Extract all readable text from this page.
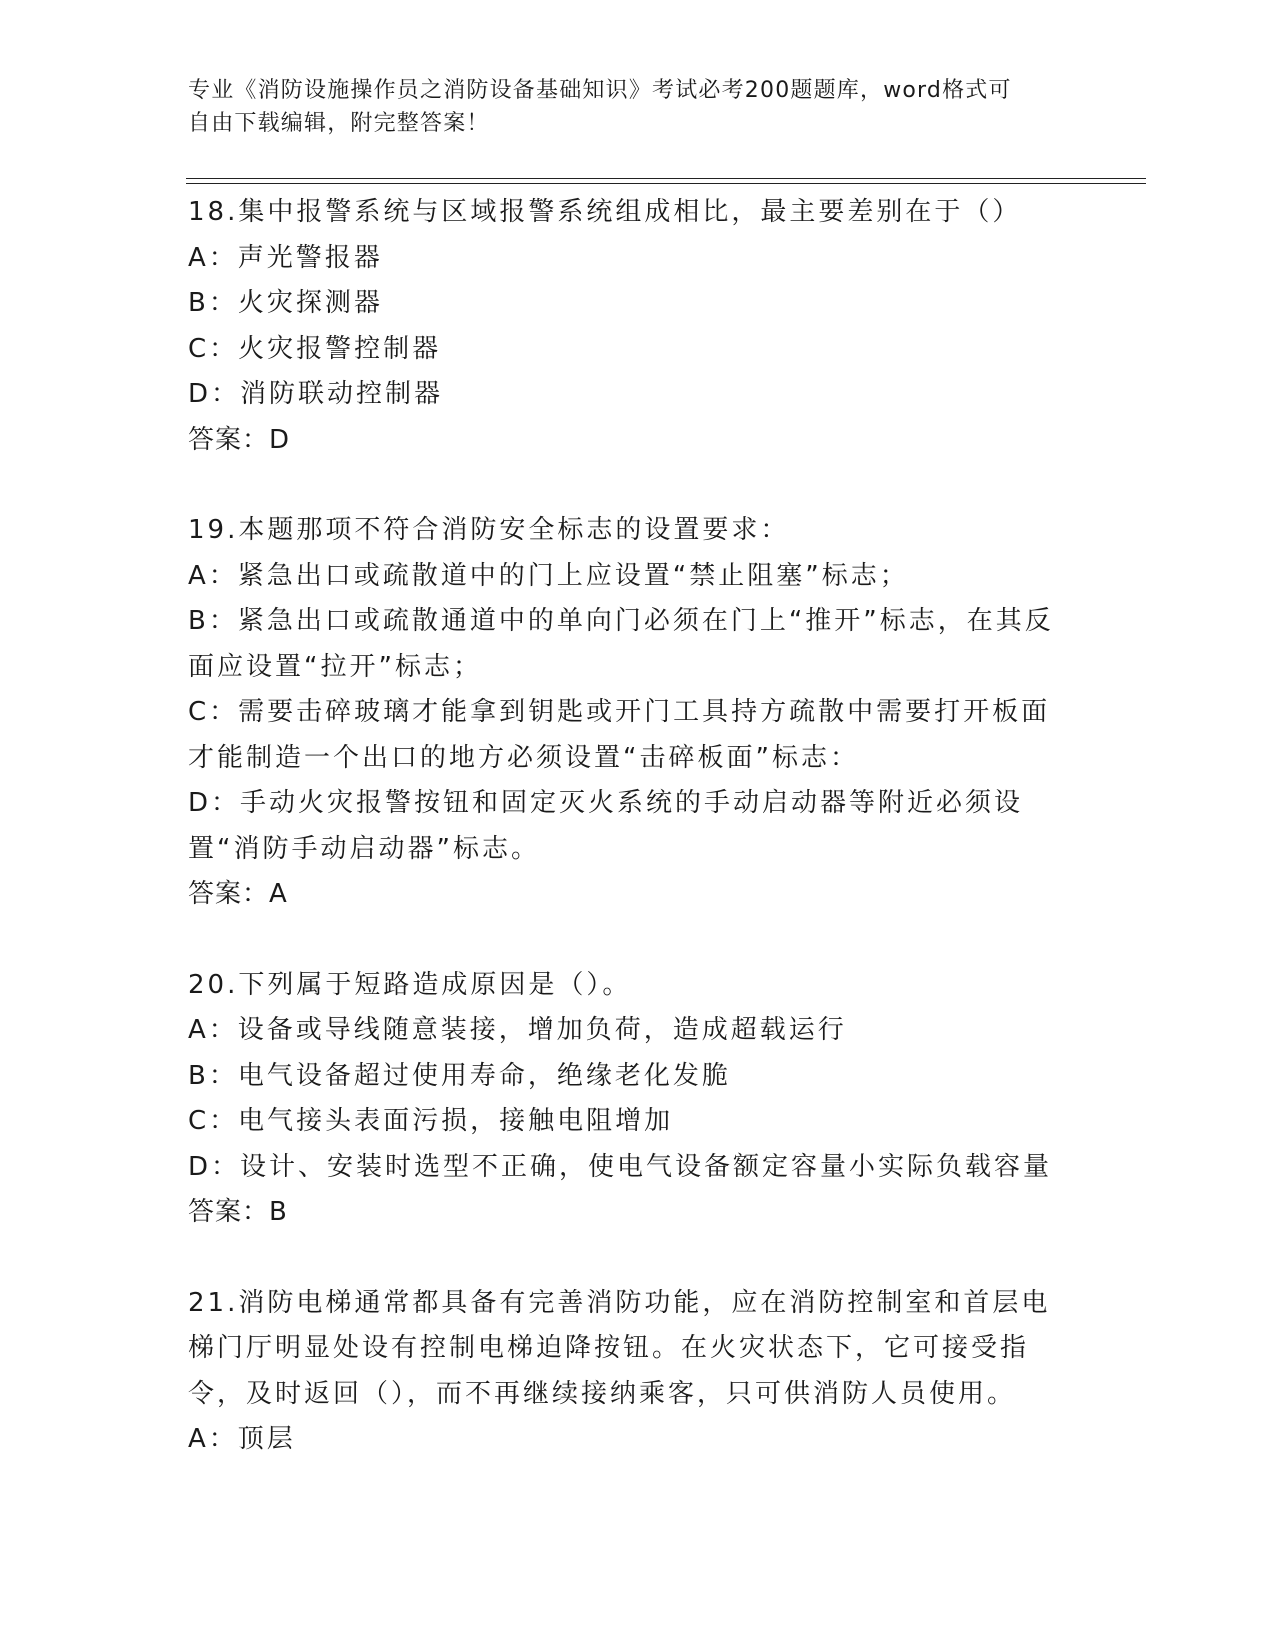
专业《消防设施操作员之消防设备基础知识》考试必考200题题库，word格式可
自由下载编辑，附完整答案！

18.集中报警系统与区域报警系统组成相比，最主要差别在于（）

A：声光警报器

B：火灾探测器

C：火灾报警控制器

D：消防联动控制器

答案：D

19.本题那项不符合消防安全标志的设置要求：

A：紧急出口或疏散道中的门上应设置“禁止阻塞”标志；

B：紧急出口或疏散通道中的单向门必须在门上“推开”标志，在其反面应设置“拉开”标志；

C：需要击碎玻璃才能拿到钥匙或开门工具持方疏散中需要打开板面才能制造一个出口的地方必须设置“击碎板面”标志：

D：手动火灾报警按钮和固定灭火系统的手动启动器等附近必须设置“消防手动启动器”标志。

答案：A

20.下列属于短路造成原因是（）。

A：设备或导线随意装接，增加负荷，造成超载运行

B：电气设备超过使用寿命，绝缘老化发脆

C：电气接头表面污损，接触电阻增加

D：设计、安装时选型不正确，使电气设备额定容量小实际负载容量

答案：B

21.消防电梯通常都具备有完善消防功能，应在消防控制室和首层电梯门厅明显处设有控制电梯迫降按钮。在火灾状态下，它可接受指令，及时返回（），而不再继续接纳乘客，只可供消防人员使用。

A：顶层
